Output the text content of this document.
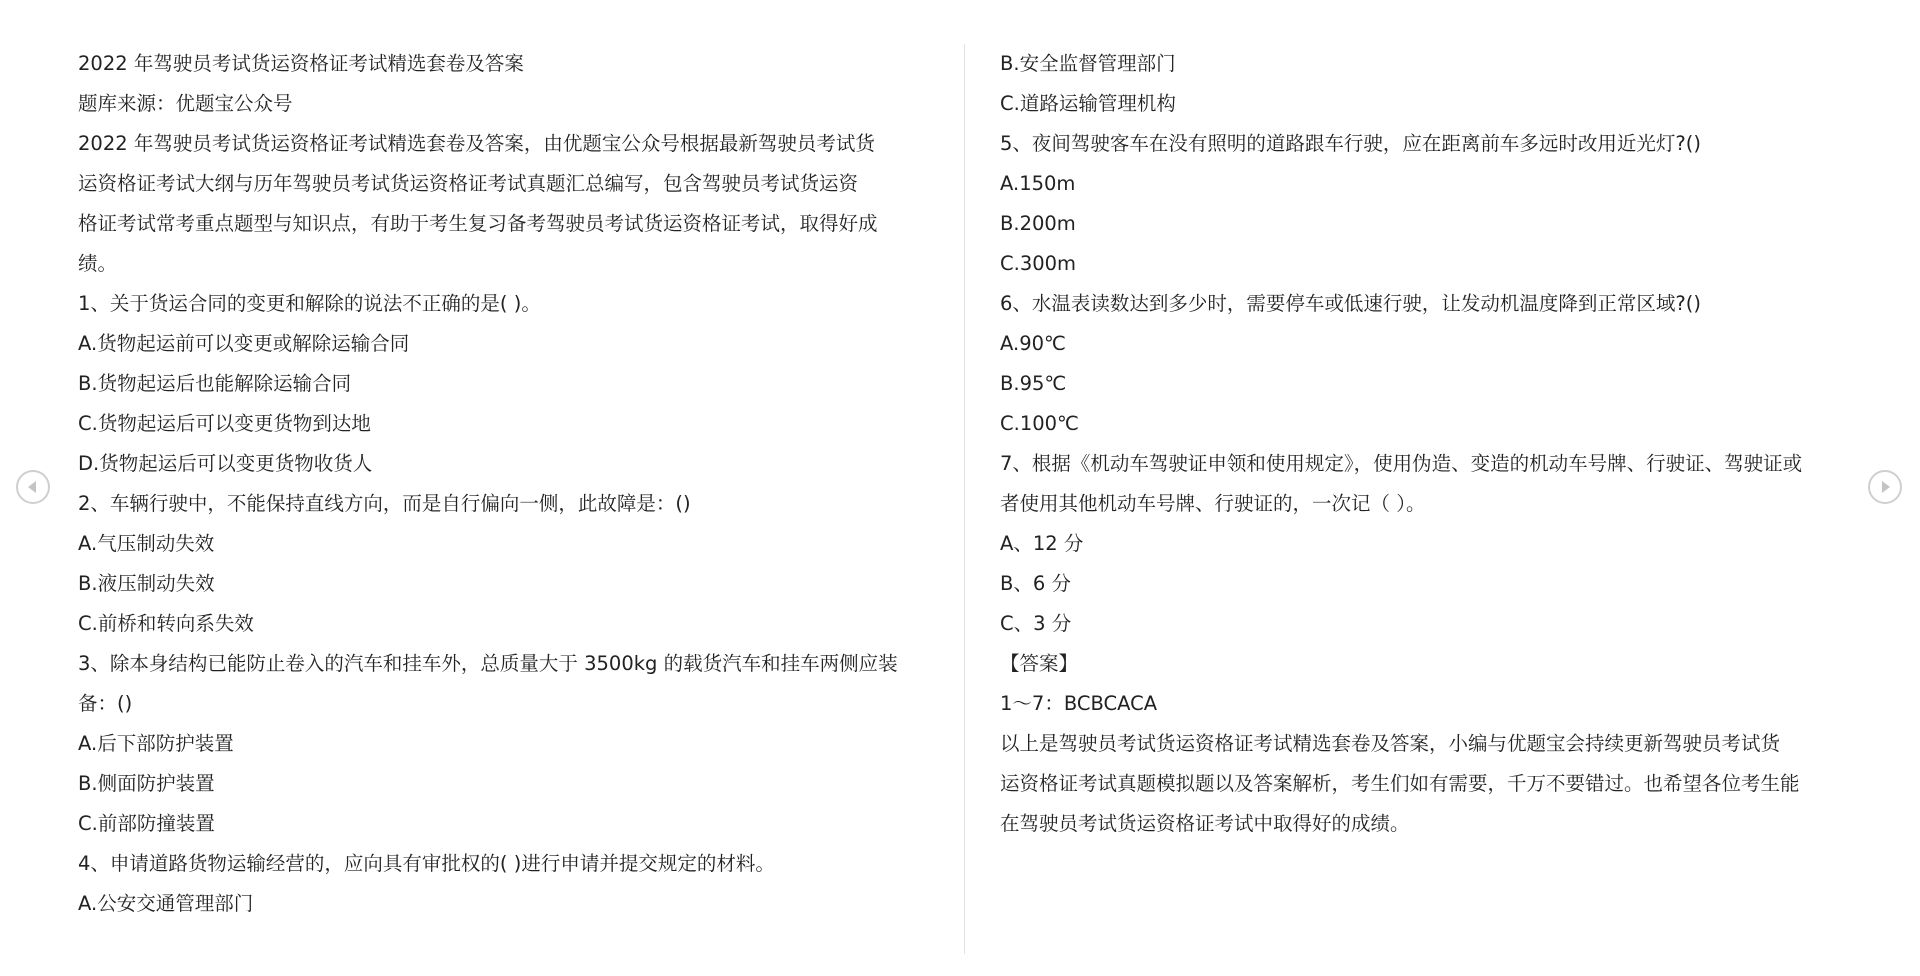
2022 年驾驶员考试货运资格证考试精选套卷及答案
题库来源：优题宝公众号
2022 年驾驶员考试货运资格证考试精选套卷及答案，由优题宝公众号根据最新驾驶员考试货
运资格证考试大纲与历年驾驶员考试货运资格证考试真题汇总编写，包含驾驶员考试货运资
格证考试常考重点题型与知识点，有助于考生复习备考驾驶员考试货运资格证考试，取得好成
绩。
1、关于货运合同的变更和解除的说法不正确的是( )。
A.货物起运前可以变更或解除运输合同
B.货物起运后也能解除运输合同
C.货物起运后可以变更货物到达地
D.货物起运后可以变更货物收货人
2、车辆行驶中，不能保持直线方向，而是自行偏向一侧，此故障是：()
A.气压制动失效
B.液压制动失效
C.前桥和转向系失效
3、除本身结构已能防止卷入的汽车和挂车外，总质量大于 3500kg 的载货汽车和挂车两侧应装
备：()
A.后下部防护装置
B.侧面防护装置
C.前部防撞装置
4、申请道路货物运输经营的，应向具有审批权的( )进行申请并提交规定的材料。
A.公安交通管理部门
B.安全监督管理部门
C.道路运输管理机构
5、夜间驾驶客车在没有照明的道路跟车行驶，应在距离前车多远时改用近光灯?()
A.150m
B.200m
C.300m
6、水温表读数达到多少时，需要停车或低速行驶，让发动机温度降到正常区域?()
A.90℃
B.95℃
C.100℃
7、根据《机动车驾驶证申领和使用规定》，使用伪造、变造的机动车号牌、行驶证、驾驶证或
者使用其他机动车号牌、行驶证的，一次记（ ）。
A、12 分
B、6 分
C、3 分
【答案】
1～7：BCBCACA
以上是驾驶员考试货运资格证考试精选套卷及答案，小编与优题宝会持续更新驾驶员考试货
运资格证考试真题模拟题以及答案解析，考生们如有需要，千万不要错过。也希望各位考生能
在驾驶员考试货运资格证考试中取得好的成绩。
